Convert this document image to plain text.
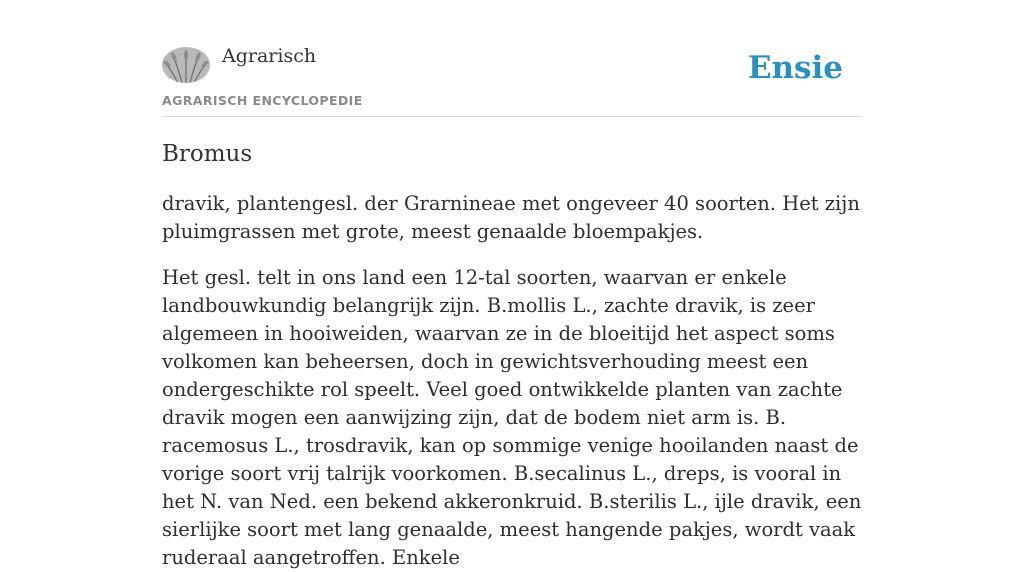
Agrarisch
AGRARISCH ENCYCLOPEDIE
Ensie
Bromus

dravik, plantengesl. der Grarnineae met ongeveer 40 soorten. Het zijn pluimgrassen met grote, meest genaalde bloempakjes.

Het gesl. telt in ons land een 12-tal soorten, waarvan er enkele landbouwkundig belangrijk zijn. B.mollis L., zachte dravik, is zeer algemeen in hooiweiden, waarvan ze in de bloeitijd het aspect soms volkomen kan beheersen, doch in gewichtsverhouding meest een ondergeschikte rol speelt. Veel goed ontwikkelde planten van zachte dravik mogen een aanwijzing zijn, dat de bodem niet arm is. B. racemosus L., trosdravik, kan op sommige venige hooilanden naast de vorige soort vrij talrijk voorkomen. B.secalinus L., dreps, is vooral in het N. van Ned. een bekend akkeronkruid. B.sterilis L., ijle dravik, een sierlijke soort met lang genaalde, meest hangende pakjes, wordt vaak ruderaal aangetroffen. Enkele
